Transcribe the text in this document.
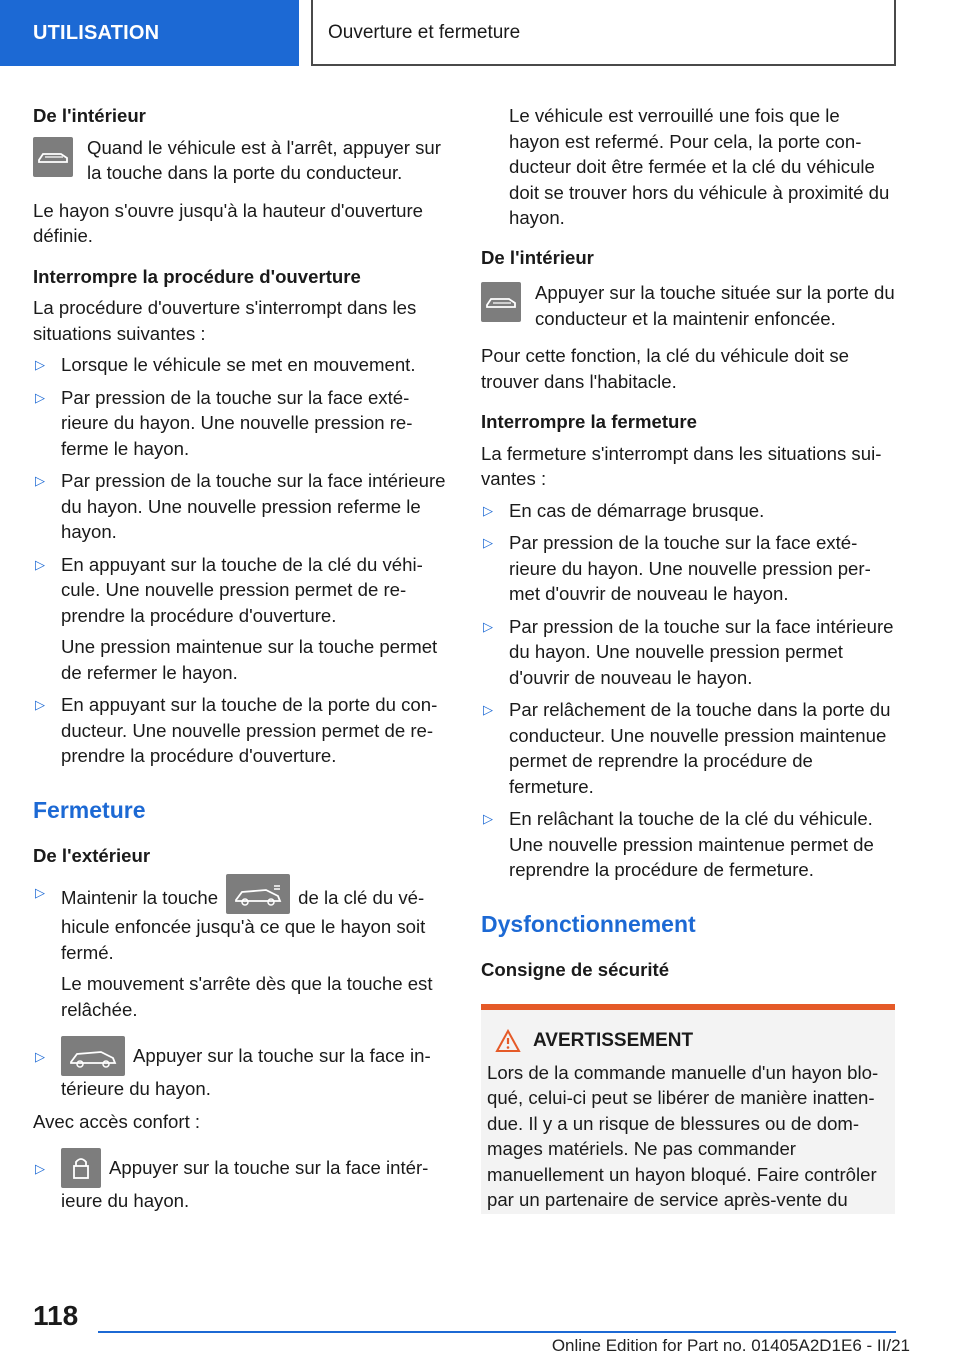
UTILISATION	Ouverture et fermeture
De l'intérieur
Quand le véhicule est à l'arrêt, appuyer sur la touche dans la porte du conducteur.

Le hayon s'ouvre jusqu'à la hauteur d'ouverture définie.

Interrompre la procédure d'ouverture

La procédure d'ouverture s'interrompt dans les situations suivantes :

▷ Lorsque le véhicule se met en mouvement.
▷ Par pression de la touche sur la face extérieure du hayon. Une nouvelle pression referme le hayon.
▷ Par pression de la touche sur la face intérieure du hayon. Une nouvelle pression referme le hayon.
▷ En appuyant sur la touche de la clé du véhicule. Une nouvelle pression permet de reprendre la procédure d'ouverture.
Une pression maintenue sur la touche permet de refermer le hayon.
▷ En appuyant sur la touche de la porte du conducteur. Une nouvelle pression permet de reprendre la procédure d'ouverture.
Fermeture
De l'extérieur
▷ Maintenir la touche	de la clé du véhicule enfoncée jusqu'à ce que le hayon soit fermé.
Le mouvement s'arrête dès que la touche est relâchée.
▷	Appuyer sur la touche sur la face intérieure du hayon.

Avec accès confort :

▷	Appuyer sur la touche sur la face intérieure du hayon.

Le véhicule est verrouillé une fois que le hayon est refermé. Pour cela, la porte conducteur doit être fermée et la clé du véhicule doit se trouver hors du véhicule à proximité du hayon.

De l'intérieur
Appuyer sur la touche située sur la porte du conducteur et la maintenir enfoncée.

Pour cette fonction, la clé du véhicule doit se trouver dans l'habitacle.

Interrompre la fermeture

La fermeture s'interrompt dans les situations suivantes :

▷ En cas de démarrage brusque.
▷ Par pression de la touche sur la face extérieure du hayon. Une nouvelle pression permet d'ouvrir de nouveau le hayon.
▷ Par pression de la touche sur la face intérieure du hayon. Une nouvelle pression permet d'ouvrir de nouveau le hayon.
▷ Par relâchement de la touche dans la porte du conducteur. Une nouvelle pression maintenue permet de reprendre la procédure de fermeture.
▷ En relâchant la touche de la clé du véhicule. Une nouvelle pression maintenue permet de reprendre la procédure de fermeture.
Dysfonctionnement
Consigne de sécurité
AVERTISSEMENT

Lors de la commande manuelle d'un hayon bloqué, celui-ci peut se libérer de manière inattendue. Il y a un risque de blessures ou de dommages matériels. Ne pas commander manuellement un hayon bloqué. Faire contrôler par un partenaire de service après-vente du

118
Online Edition for Part no. 01405A2D1E6 - II/21
